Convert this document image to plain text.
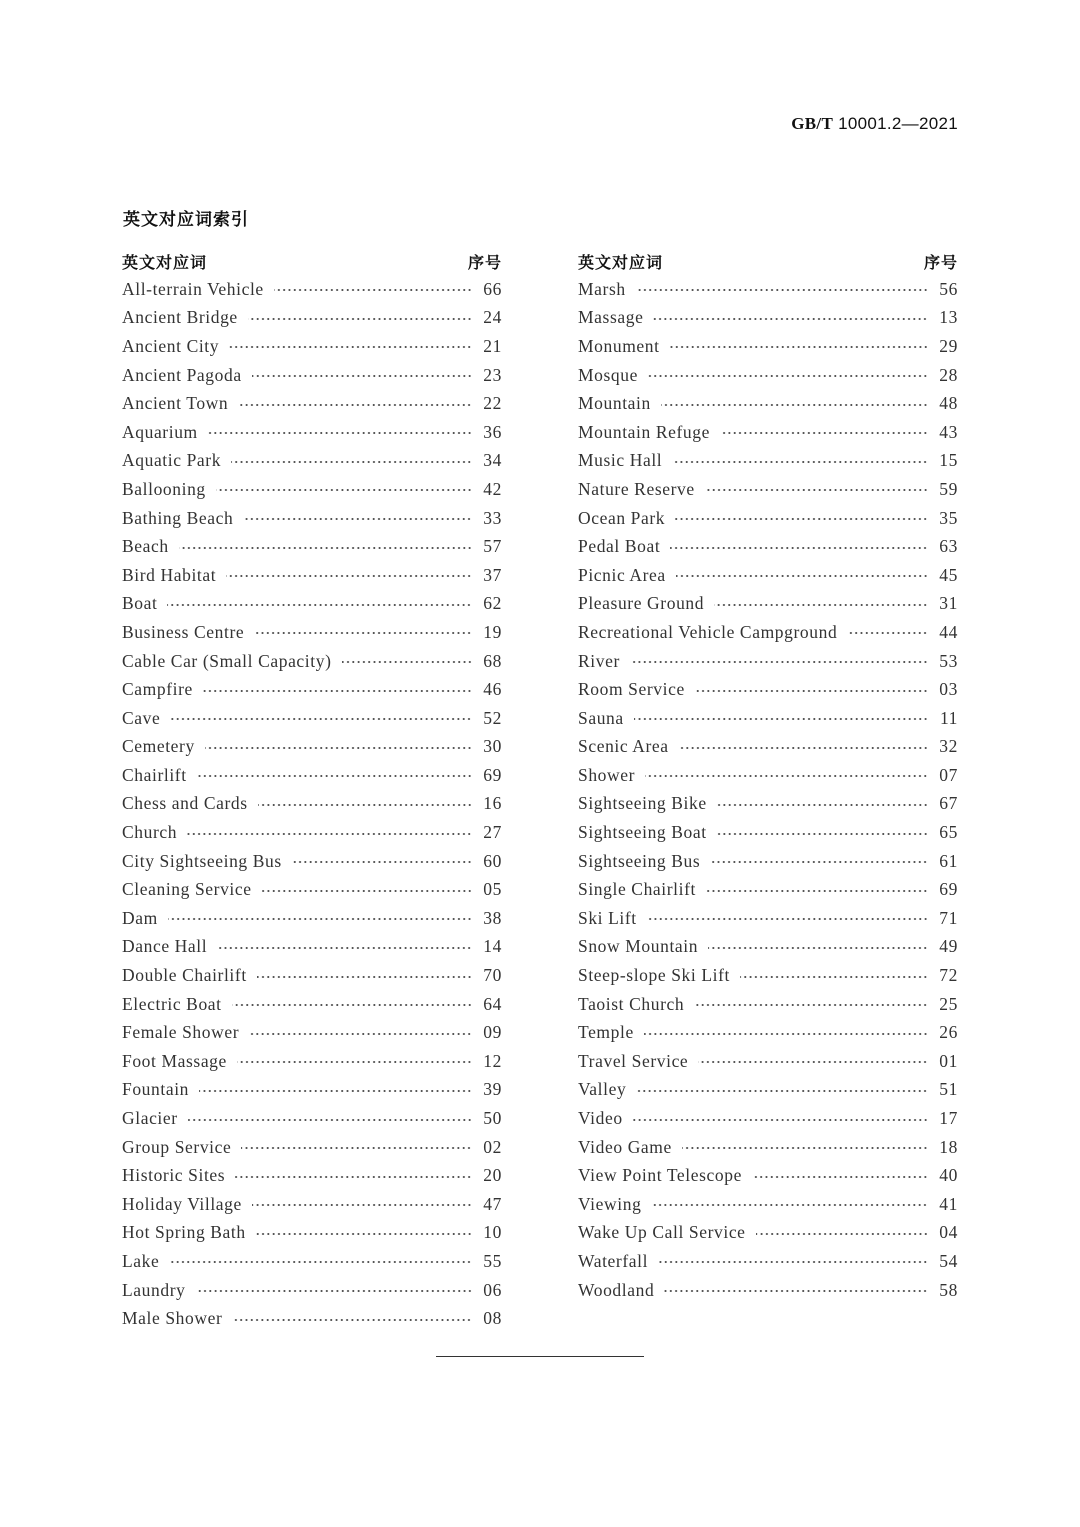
GB/T 10001.2—2021
英文对应词索引
英文对应词	序号
All-terrain Vehicle	66
Ancient Bridge	24
Ancient City	21
Ancient Pagoda	23
Ancient Town	22
Aquarium	36
Aquatic Park	34
Ballooning	42
Bathing Beach	33
Beach	57
Bird Habitat	37
Boat	62
Business Centre	19
Cable Car (Small Capacity)	68
Campfire	46
Cave	52
Cemetery	30
Chairlift	69
Chess and Cards	16
Church	27
City Sightseeing Bus	60
Cleaning Service	05
Dam	38
Dance Hall	14
Double Chairlift	70
Electric Boat	64
Female Shower	09
Foot Massage	12
Fountain	39
Glacier	50
Group Service	02
Historic Sites	20
Holiday Village	47
Hot Spring Bath	10
Lake	55
Laundry	06
Male Shower	08
英文对应词	序号
Marsh	56
Massage	13
Monument	29
Mosque	28
Mountain	48
Mountain Refuge	43
Music Hall	15
Nature Reserve	59
Ocean Park	35
Pedal Boat	63
Picnic Area	45
Pleasure Ground	31
Recreational Vehicle Campground	44
River	53
Room Service	03
Sauna	11
Scenic Area	32
Shower	07
Sightseeing Bike	67
Sightseeing Boat	65
Sightseeing Bus	61
Single Chairlift	69
Ski Lift	71
Snow Mountain	49
Steep-slope Ski Lift	72
Taoist Church	25
Temple	26
Travel Service	01
Valley	51
Video	17
Video Game	18
View Point Telescope	40
Viewing	41
Wake Up Call Service	04
Waterfall	54
Woodland	58
